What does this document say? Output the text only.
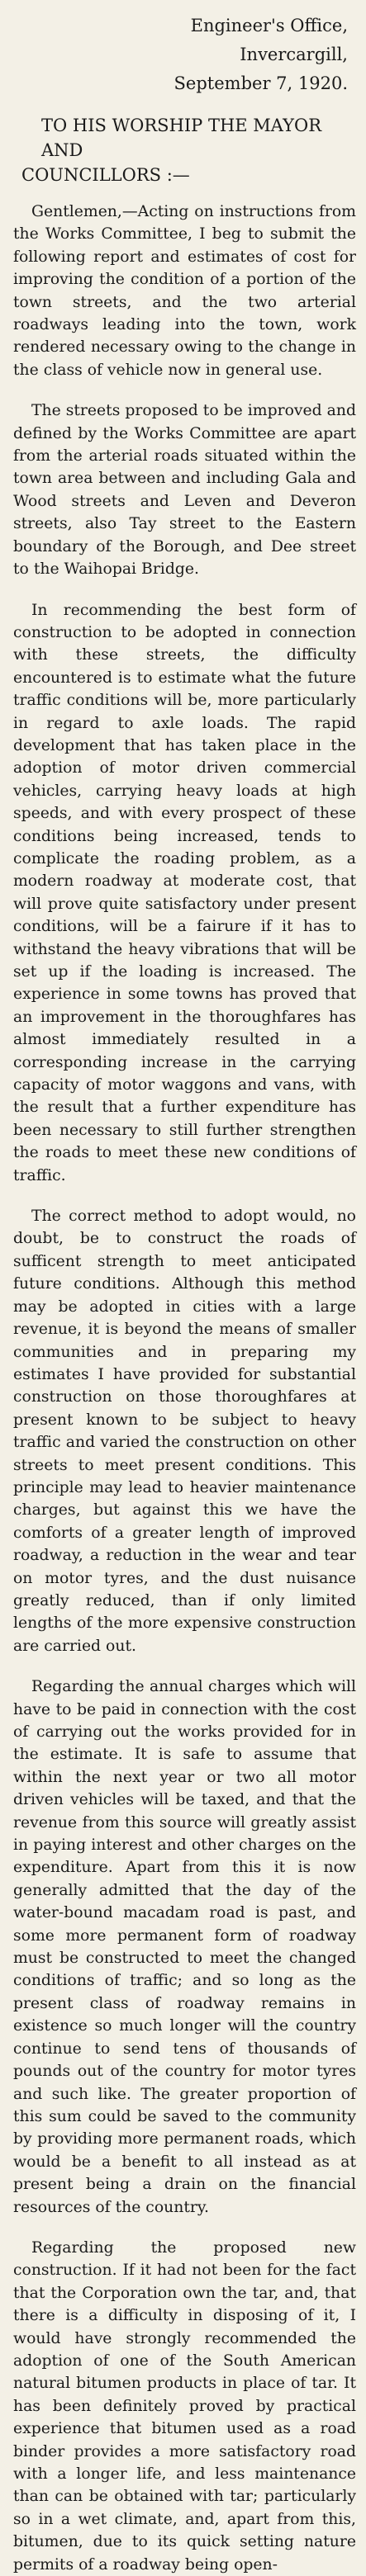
Engineer's Office,
Invercargill,
September 7, 1920.
TO HIS WORSHIP THE MAYOR AND
COUNCILLORS :—

Gentlemen,—Acting on instructions from the Works Committee, I beg to submit the following report and estimates of cost for improving the condition of a portion of the town streets, and the two arterial roadways leading into the town, work rendered necessary owing to the change in the class of vehicle now in general use.

The streets proposed to be improved and defined by the Works Committee are apart from the arterial roads situated within the town area between and including Gala and Wood streets and Leven and Deveron streets, also Tay street to the Eastern boundary of the Borough, and Dee street to the Waihopai Bridge.

In recommending the best form of construction to be adopted in connection with these streets, the difficulty encountered is to estimate what the future traffic conditions will be, more particularly in regard to axle loads. The rapid development that has taken place in the adoption of motor driven commercial vehicles, carrying heavy loads at high speeds, and with every prospect of these conditions being increased, tends to complicate the roading problem, as a modern roadway at moderate cost, that will prove quite satisfactory under present conditions, will be a fairure if it has to withstand the heavy vibrations that will be set up if the loading is increased. The experience in some towns has proved that an improvement in the thoroughfares has almost immediately resulted in a corresponding increase in the carrying capacity of motor waggons and vans, with the result that a further expenditure has been necessary to still further strengthen the roads to meet these new conditions of traffic.

The correct method to adopt would, no doubt, be to construct the roads of sufficent strength to meet anticipated future conditions. Although this method may be adopted in cities with a large revenue, it is beyond the means of smaller communities and in preparing my estimates I have provided for substantial construction on those thoroughfares at present known to be subject to heavy traffic and varied the construction on other streets to meet present conditions. This principle may lead to heavier maintenance charges, but against this we have the comforts of a greater length of improved roadway, a reduction in the wear and tear on motor tyres, and the dust nuisance greatly reduced, than if only limited lengths of the more expensive construction are carried out.

Regarding the annual charges which will have to be paid in connection with the cost of carrying out the works provided for in the estimate. It is safe to assume that within the next year or two all motor driven vehicles will be taxed, and that the revenue from this source will greatly assist in paying interest and other charges on the expenditure. Apart from this it is now generally admitted that the day of the water-bound macadam road is past, and some more permanent form of roadway must be constructed to meet the changed conditions of traffic; and so long as the present class of roadway remains in existence so much longer will the country continue to send tens of thousands of pounds out of the country for motor tyres and such like. The greater proportion of this sum could be saved to the community by providing more permanent roads, which would be a benefit to all instead as at present being a drain on the financial resources of the country.

Regarding the proposed new construction. If it had not been for the fact that the Corporation own the tar, and, that there is a difficulty in disposing of it, I would have strongly recommended the adoption of one of the South American natural bitumen products in place of tar. It has been definitely proved by practical experience that bitumen used as a road binder provides a more satisfactory road with a longer life, and less maintenance than can be obtained with tar; particularly so in a wet climate, and, apart from this, bitumen, due to its quick setting nature permits of a roadway being open-
